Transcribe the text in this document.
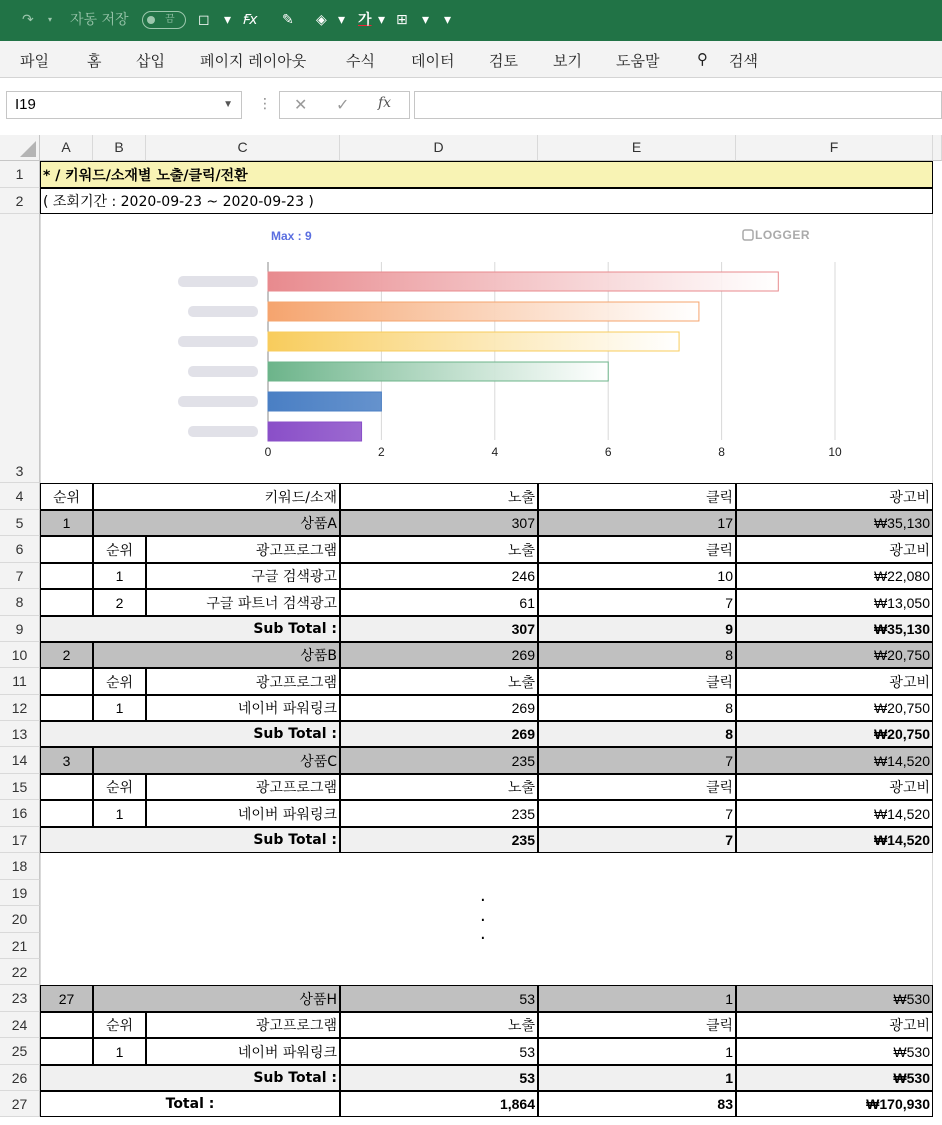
↷ ▾ 자동 저장	끔 ◻ ▾ Ꞙx ✎ ◈ ▾ 가 ▾ ⊞ ▾ ▾
파일	홈 삽입 페이지 레이아웃	수식 데이터 검토 보기 도움말	⚲ 검색
I19	▼ ⋮ ✕ ✓ fx
A	B	C	D	E	F
1
2
3
4
5
6
7
8
9
10
11
12
13
14
15
16
17
18
19
20
21
22
23
24
25
26
27
* / 키워드/소재별 노출/클릭/전환
( 조회기간 : 2020-09-23 ~ 2020-09-23 )
순위	키워드/소재	노출	클릭	광고비
1	상품A	307	17	₩35,130
순위	광고프로그램	노출	클릭	광고비
1	구글 검색광고	246	10	₩22,080
2	구글 파트너 검색광고	61	7	₩13,050
Sub Total :	307	9	₩35,130
2	상품B	269	8	₩20,750
순위	광고프로그램	노출	클릭	광고비
1	네이버 파워링크	269	8	₩20,750
Sub Total :	269	8	₩20,750
3	상품C	235	7	₩14,520
순위	광고프로그램	노출	클릭	광고비
1	네이버 파워링크	235	7	₩14,520
Sub Total :	235	7	₩14,520
27	상품H	53	1	₩530
순위	광고프로그램	노출	클릭	광고비
1	네이버 파워링크	53	1	₩530
Sub Total :	53	1	₩530
Total :	1,864	83	₩170,930
0	2	4	6	8	10
Max : 9	LOGGER
·
·
·
